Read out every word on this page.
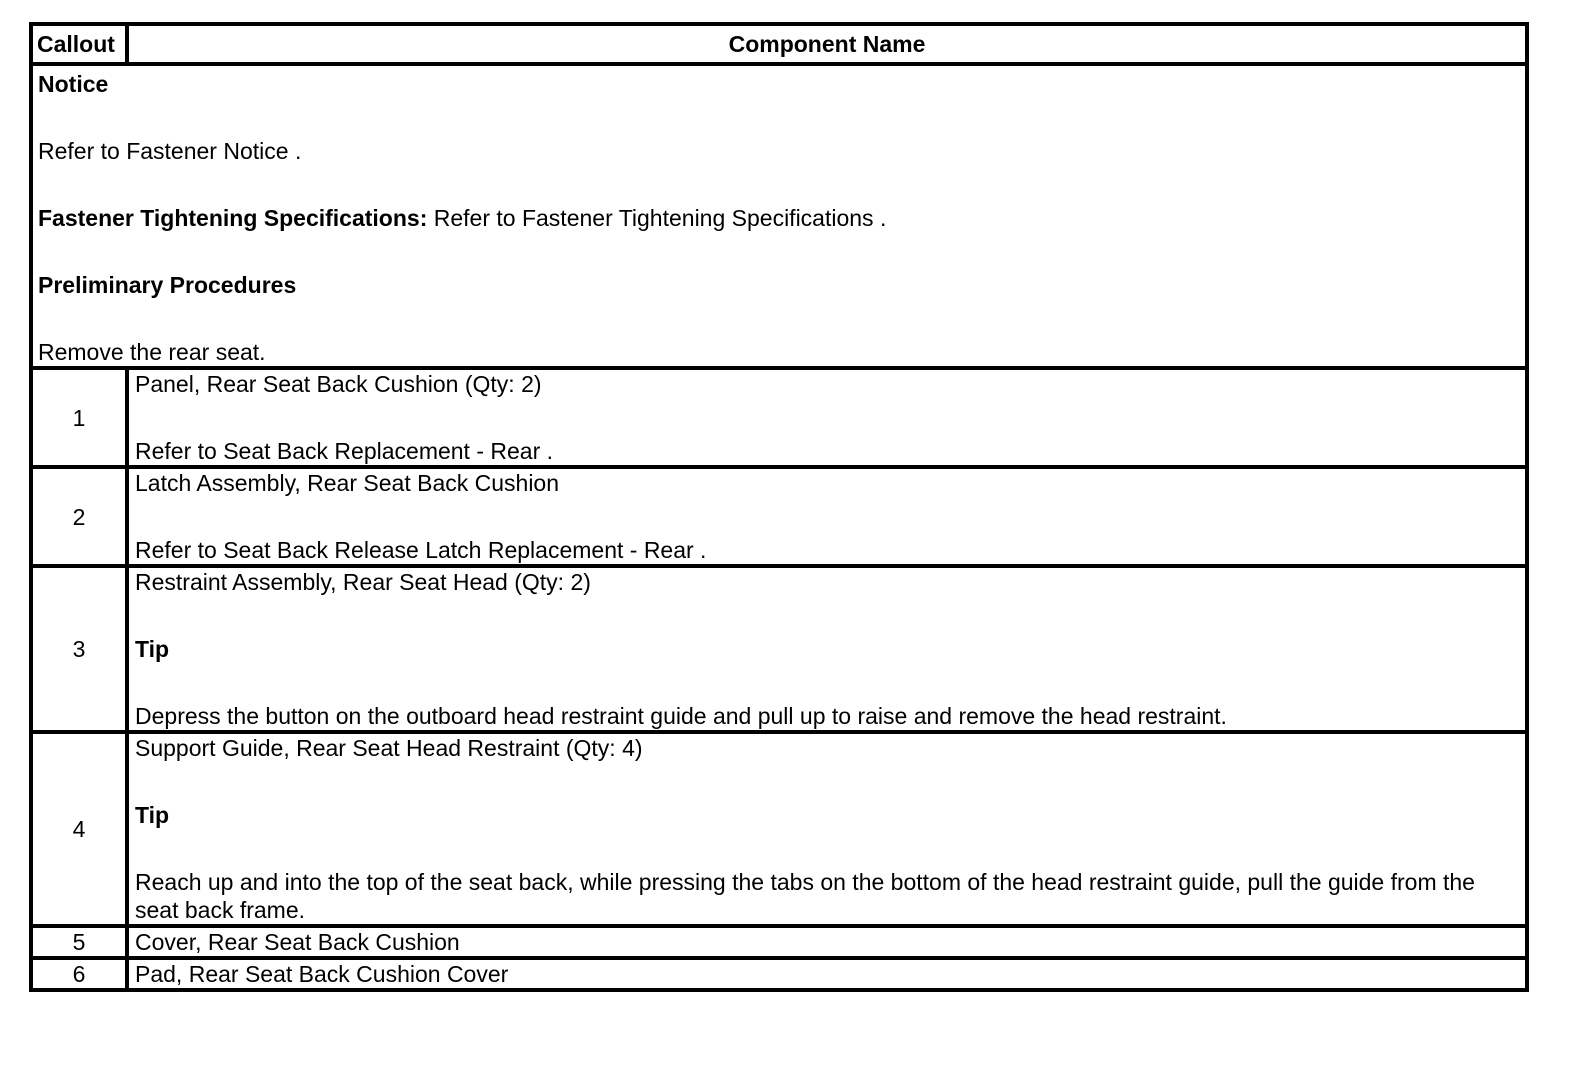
Callout	Component Name

Notice

Refer to Fastener Notice .

Fastener Tightening Specifications: Refer to Fastener Tightening Specifications .

Preliminary Procedures

Remove the rear seat.	

1	Panel, Rear Seat Back Cushion (Qty: 2)

Refer to Seat Back Replacement - Rear .

2	Latch Assembly, Rear Seat Back Cushion

Refer to Seat Back Release Latch Replacement - Rear .

3	Restraint Assembly, Rear Seat Head (Qty: 2)

Tip

Depress the button on the outboard head restraint guide and pull up to raise and remove the head restraint.

4	Support Guide, Rear Seat Head Restraint (Qty: 4)

Tip

Reach up and into the top of the seat back, while pressing the tabs on the bottom of the head restraint guide, pull the guide from the seat back frame.

5	Cover, Rear Seat Back Cushion

6	Pad, Rear Seat Back Cushion Cover
